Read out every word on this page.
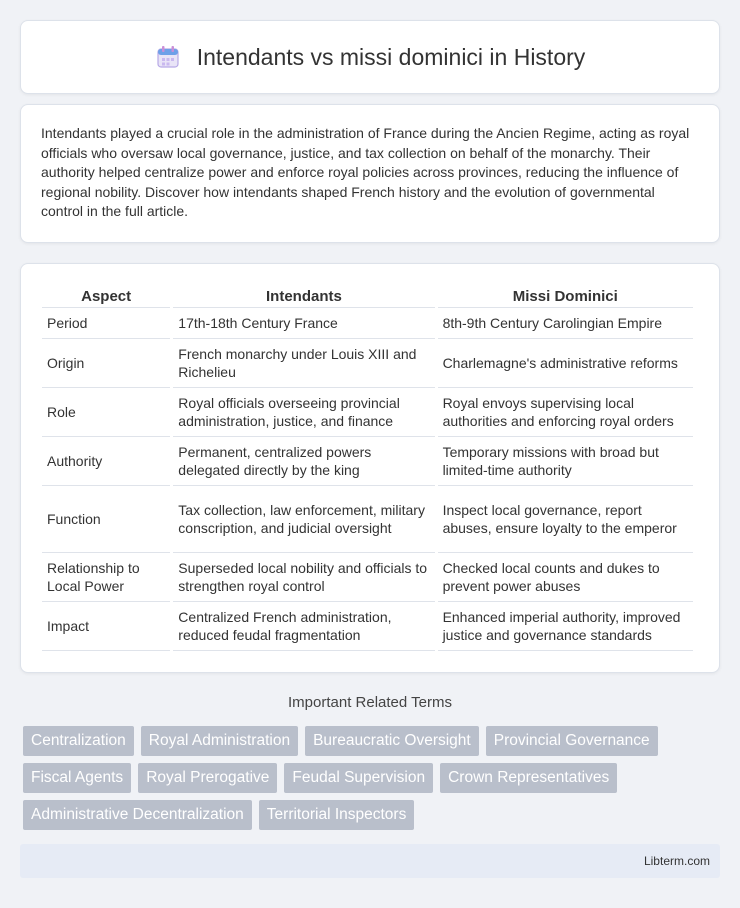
Intendants vs missi dominici in History

Intendants played a crucial role in the administration of France during the Ancien Regime, acting as royal officials who oversaw local governance, justice, and tax collection on behalf of the monarchy. Their authority helped centralize power and enforce royal policies across provinces, reducing the influence of regional nobility. Discover how intendants shaped French history and the evolution of governmental control in the full article.

Aspect	Intendants	Missi Dominici
Period	17th-18th Century France	8th-9th Century Carolingian Empire
Origin	French monarchy under Louis XIII and Richelieu	Charlemagne's administrative reforms
Role	Royal officials overseeing provincial administration, justice, and finance	Royal envoys supervising local authorities and enforcing royal orders
Authority	Permanent, centralized powers delegated directly by the king	Temporary missions with broad but limited-time authority
Function	Tax collection, law enforcement, military conscription, and judicial oversight	Inspect local governance, report abuses, ensure loyalty to the emperor
Relationship to Local Power	Superseded local nobility and officials to strengthen royal control	Checked local counts and dukes to prevent power abuses
Impact	Centralized French administration, reduced feudal fragmentation	Enhanced imperial authority, improved justice and governance standards
Important Related Terms
Centralization	Royal Administration	Bureaucratic Oversight	Provincial Governance
Fiscal Agents	Royal Prerogative	Feudal Supervision	Crown Representatives
Administrative Decentralization	Territorial Inspectors
Libterm.com
